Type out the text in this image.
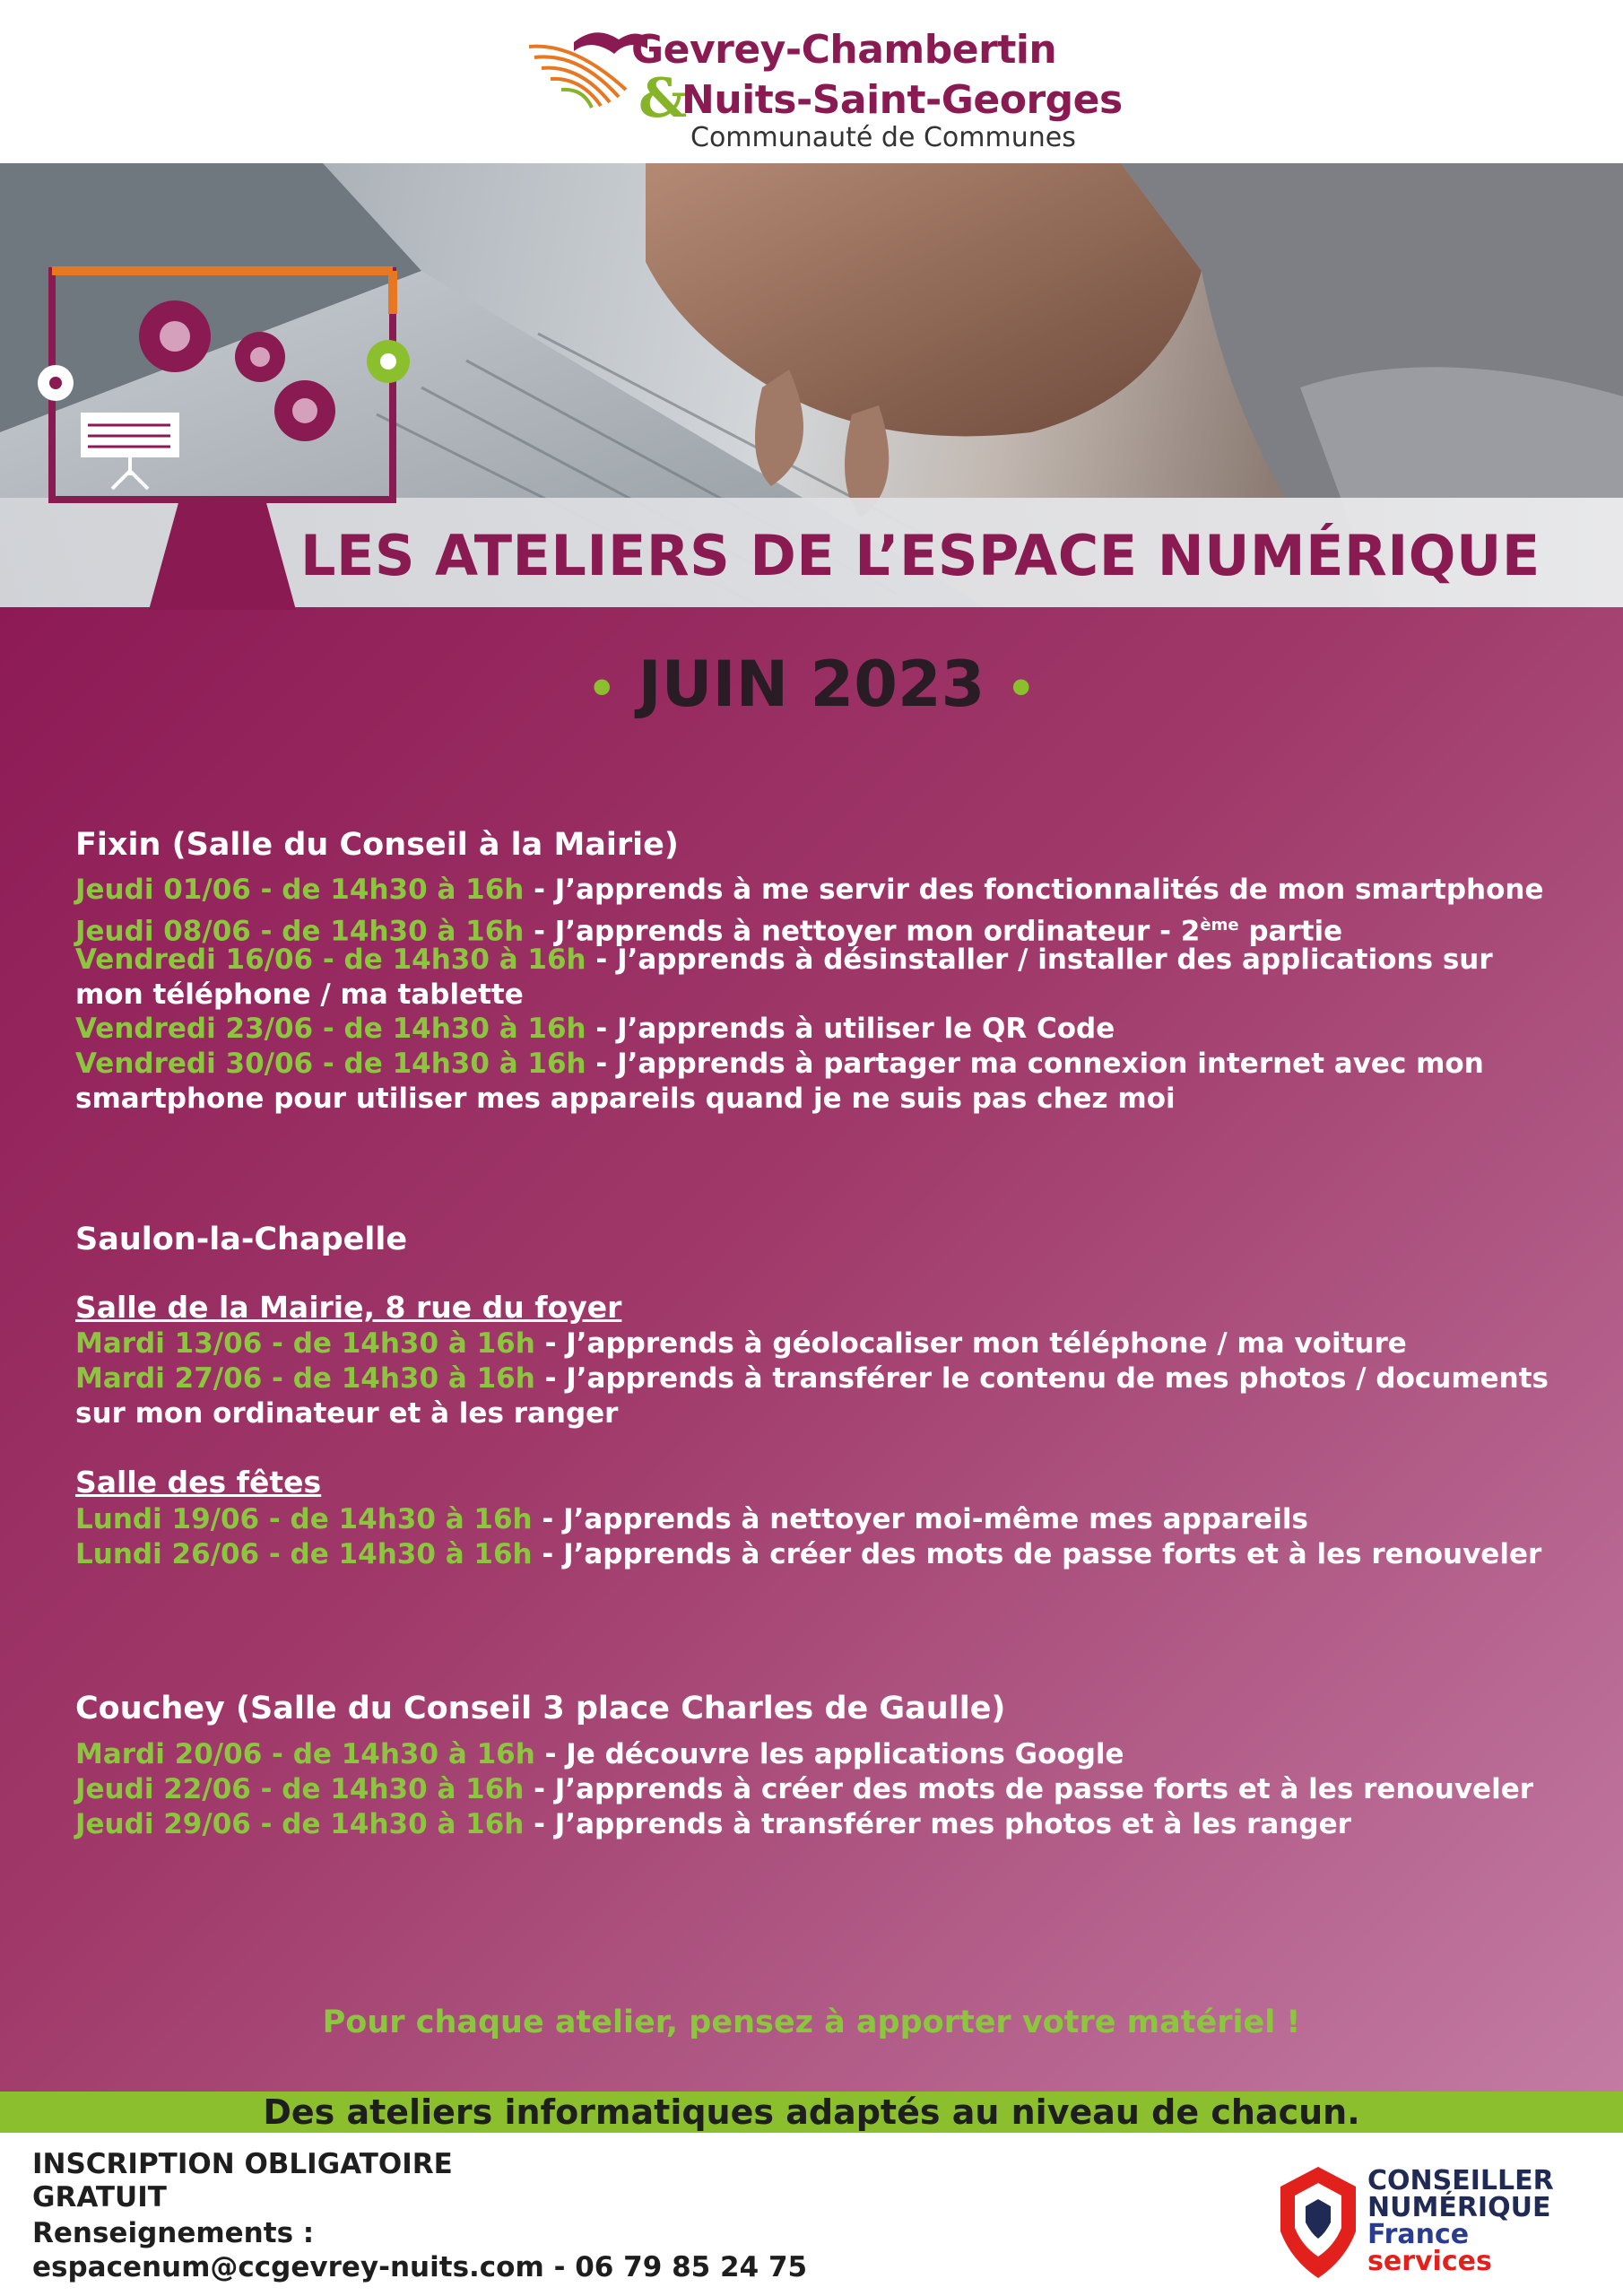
Gevrey-Chambertin
&
Nuits-Saint-Georges
Communauté de Communes
LES ATELIERS DE L’ESPACE NUMÉRIQUE
• JUIN 2023 •
Fixin (Salle du Conseil à la Mairie)
Jeudi 01/06 - de 14h30 à 16h - J’apprends à me servir des fonctionnalités de mon smartphone
Jeudi 08/06 - de 14h30 à 16h - J’apprends à nettoyer mon ordinateur - 2ème partie
Vendredi 16/06 - de 14h30 à 16h - J’apprends à désinstaller / installer des applications sur mon téléphone / ma tablette
Vendredi 23/06 - de 14h30 à 16h - J’apprends à utiliser le QR Code
Vendredi 30/06 - de 14h30 à 16h - J’apprends à partager ma connexion internet avec mon smartphone pour utiliser mes appareils quand je ne suis pas chez moi
Saulon-la-Chapelle
Salle de la Mairie, 8 rue du foyer
Mardi 13/06 - de 14h30 à 16h - J’apprends à géolocaliser mon téléphone / ma voiture
Mardi 27/06 - de 14h30 à 16h - J’apprends à transférer le contenu de mes photos / documents sur mon ordinateur et à les ranger
Salle des fêtes
Lundi 19/06 - de 14h30 à 16h - J’apprends à nettoyer moi-même mes appareils
Lundi 26/06 - de 14h30 à 16h - J’apprends à créer des mots de passe forts et à les renouveler
Couchey (Salle du Conseil 3 place Charles de Gaulle)
Mardi 20/06 - de 14h30 à 16h - Je découvre les applications Google
Jeudi 22/06 - de 14h30 à 16h - J’apprends à créer des mots de passe forts et à les renouveler
Jeudi 29/06 - de 14h30 à 16h - J’apprends à transférer mes photos et à les ranger
Pour chaque atelier, pensez à apporter votre matériel !
Des ateliers informatiques adaptés au niveau de chacun.
INSCRIPTION OBLIGATOIRE
GRATUIT
Renseignements :
espacenum@ccgevrey-nuits.com - 06 79 85 24 75
CONSEILLER
NUMÉRIQUE
France
services
